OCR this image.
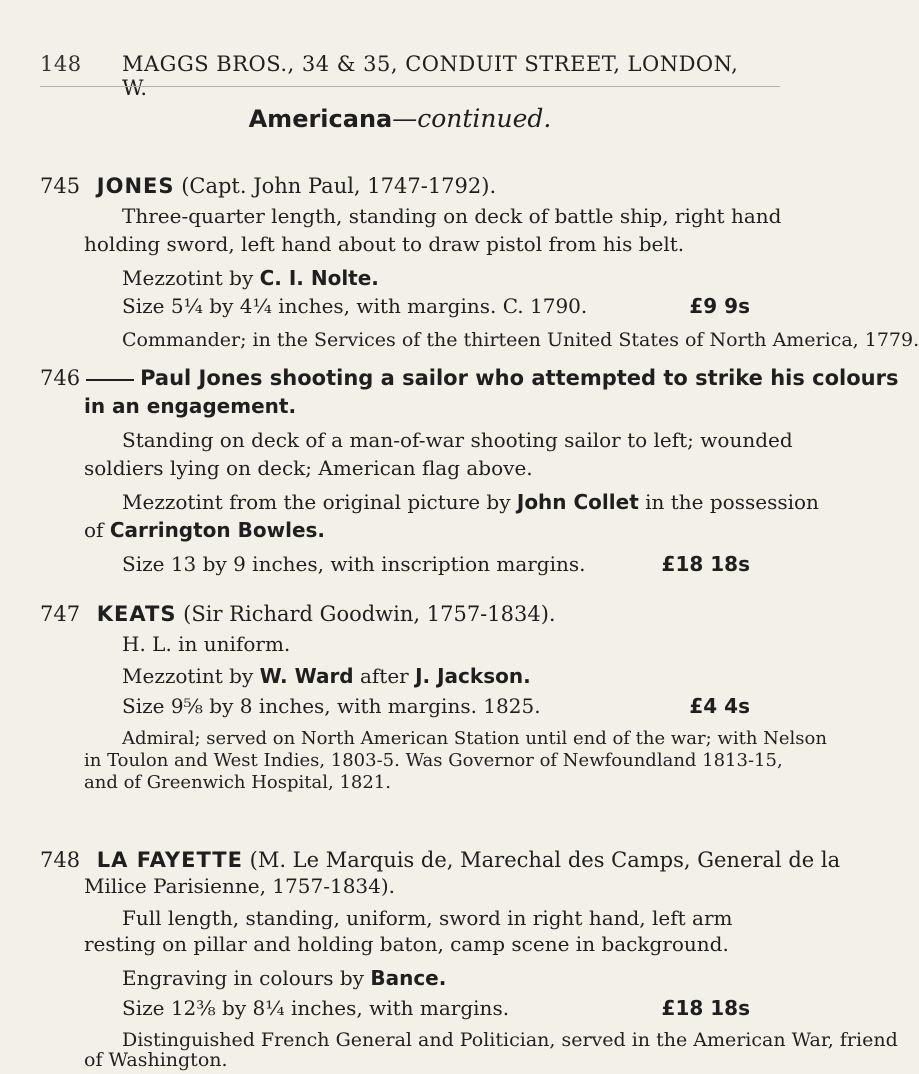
148	MAGGS BROS., 34 & 35, CONDUIT STREET, LONDON, W.
Americana—continued.
745 JONES (Capt. John Paul, 1747-1792).
Three-quarter length, standing on deck of battle ship, right hand
holding sword, left hand about to draw pistol from his belt.
Mezzotint by C. I. Nolte.
Size 5¼ by 4¼ inches, with margins. C. 1790.	£9 9s
Commander; in the Services of the thirteen United States of North America, 1779.
746	Paul Jones shooting a sailor who attempted to strike his colours
in an engagement.
Standing on deck of a man-of-war shooting sailor to left; wounded
soldiers lying on deck; American flag above.
Mezzotint from the original picture by John Collet in the possession
of Carrington Bowles.
Size 13 by 9 inches, with inscription margins.	£18 18s
747 KEATS (Sir Richard Goodwin, 1757-1834).
H. L. in uniform.
Mezzotint by W. Ward after J. Jackson.
Size 9⅝ by 8 inches, with margins. 1825.	£4 4s
Admiral; served on North American Station until end of the war; with Nelson
in Toulon and West Indies, 1803-5. Was Governor of Newfoundland 1813-15,
and of Greenwich Hospital, 1821.
748 LA FAYETTE (M. Le Marquis de, Marechal des Camps, General de la
Milice Parisienne, 1757-1834).
Full length, standing, uniform, sword in right hand, left arm
resting on pillar and holding baton, camp scene in background.
Engraving in colours by Bance.
Size 12⅜ by 8¼ inches, with margins.	£18 18s
Distinguished French General and Politician, served in the American War, friend
of Washington.
